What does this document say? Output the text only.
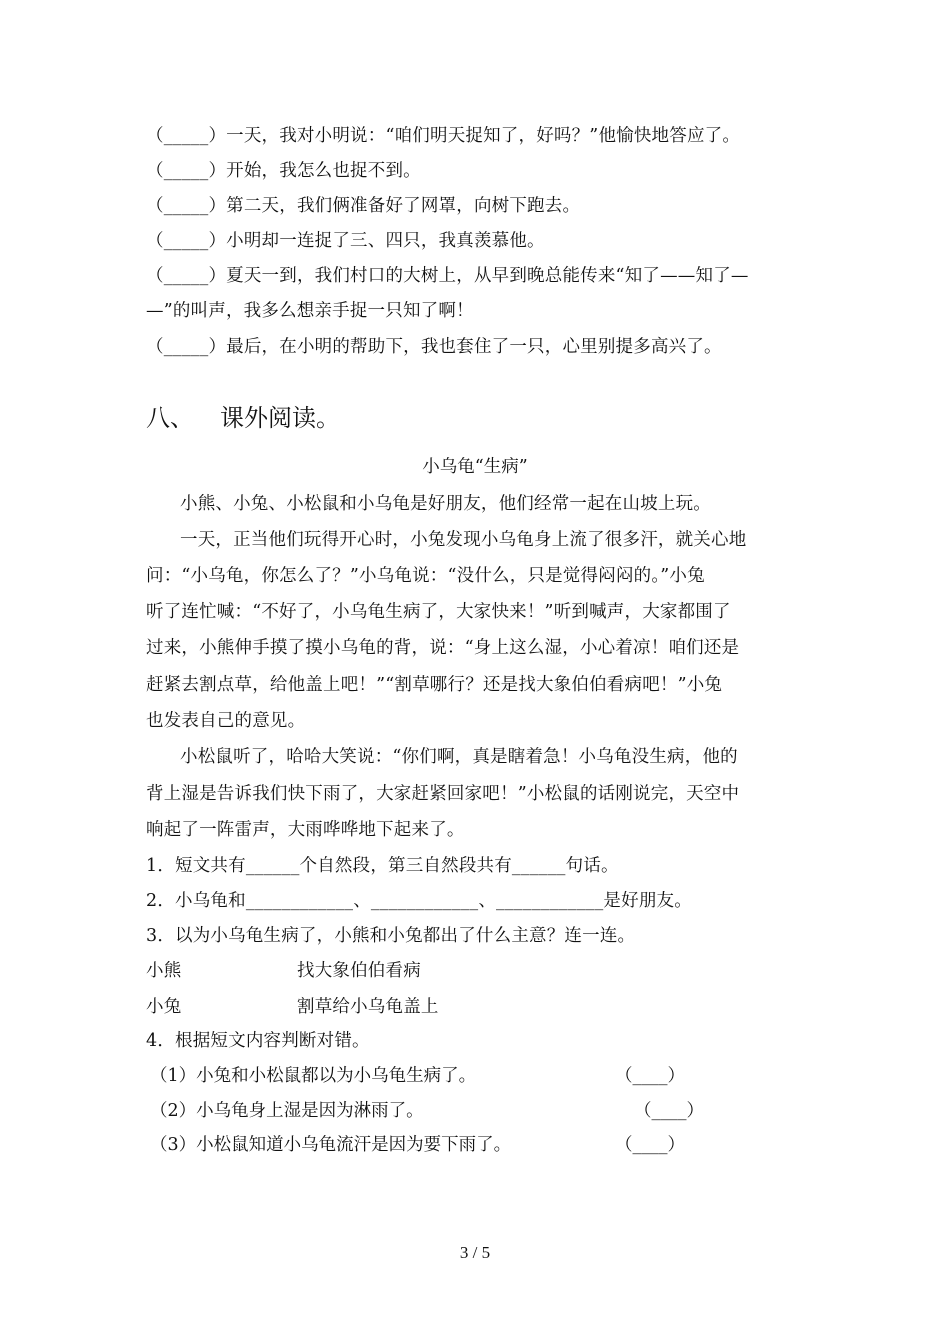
（_____）一天，我对小明说：“咱们明天捉知了，好吗？”他愉快地答应了。
（_____）开始，我怎么也捉不到。
（_____）第二天，我们俩准备好了网罩，向树下跑去。
（_____）小明却一连捉了三、四只，我真羡慕他。
（_____）夏天一到，我们村口的大树上，从早到晚总能传来“知了——知了—
—”的叫声，我多么想亲手捉一只知了啊！
（_____）最后，在小明的帮助下，我也套住了一只，心里别提多高兴了。
八、 课外阅读。
小乌龟“生病”
小熊、小兔、小松鼠和小乌龟是好朋友，他们经常一起在山坡上玩。
一天，正当他们玩得开心时，小兔发现小乌龟身上流了很多汗，就关心地
问：“小乌龟，你怎么了？”小乌龟说：“没什么，只是觉得闷闷的。”小兔
听了连忙喊：“不好了，小乌龟生病了，大家快来！”听到喊声，大家都围了
过来，小熊伸手摸了摸小乌龟的背，说：“身上这么湿，小心着凉！咱们还是
赶紧去割点草，给他盖上吧！”“割草哪行？还是找大象伯伯看病吧！”小兔
也发表自己的意见。
小松鼠听了，哈哈大笑说：“你们啊，真是瞎着急！小乌龟没生病，他的
背上湿是告诉我们快下雨了，大家赶紧回家吧！”小松鼠的话刚说完，天空中
响起了一阵雷声，大雨哗哗地下起来了。
1．短文共有______个自然段，第三自然段共有______句话。
2．小乌龟和____________、____________、____________是好朋友。
3．以为小乌龟生病了，小熊和小兔都出了什么主意？连一连。
小熊	找大象伯伯看病
小兔	割草给小乌龟盖上
4．根据短文内容判断对错。
（1）小兔和小松鼠都以为小乌龟生病了。	（____）
（2）小乌龟身上湿是因为淋雨了。	（____）
（3）小松鼠知道小乌龟流汗是因为要下雨了。	（____）
3 / 5
